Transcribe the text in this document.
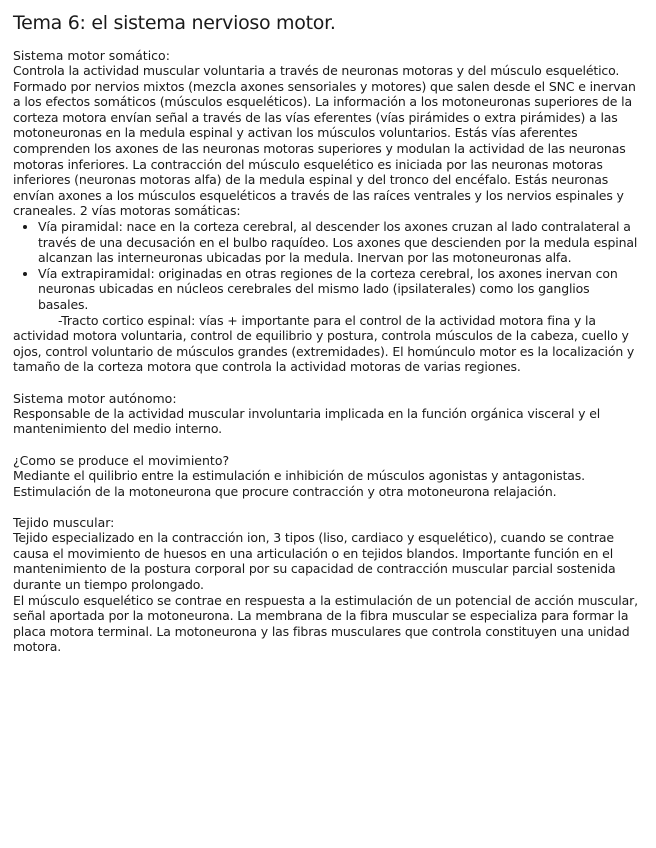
Tema 6: el sistema nervioso motor.
Sistema motor somático:

Controla la actividad muscular voluntaria a través de neuronas motoras y del músculo esquelético. Formado por nervios mixtos (mezcla axones sensoriales y motores) que salen desde el SNC e inervan a los efectos somáticos (músculos esqueléticos). La información a los motoneuronas superiores de la corteza motora envían señal a través de las vías eferentes (vías pirámides o extra pirámides) a las motoneuronas en la medula espinal y activan los músculos voluntarios. Estás vías aferentes comprenden los axones de las neuronas motoras superiores y modulan la actividad de las neuronas motoras inferiores. La contracción del músculo esquelético es iniciada por las neuronas motoras inferiores (neuronas motoras alfa) de la medula espinal y del tronco del encéfalo. Estás neuronas envían axones a los músculos esqueléticos a través de las raíces ventrales y los nervios espinales y craneales. 2 vías motoras somáticas:

• Vía piramidal: nace en la corteza cerebral, al descender los axones cruzan al lado contralateral a través de una decusación en el bulbo raquídeo. Los axones que descienden por la medula espinal alcanzan las interneuronas ubicadas por la medula. Inervan por las motoneuronas alfa.
• Vía extrapiramidal: originadas en otras regiones de la corteza cerebral, los axones inervan con neuronas ubicadas en núcleos cerebrales del mismo lado (ipsilaterales) como los ganglios basales.

-Tracto cortico espinal: vías + importante para el control de la actividad motora fina y la actividad motora voluntaria, control de equilibrio y postura, controla músculos de la cabeza, cuello y ojos, control voluntario de músculos grandes (extremidades). El homúnculo motor es la localización y tamaño de la corteza motora que controla la actividad motoras de varias regiones.

Sistema motor autónomo:

Responsable de la actividad muscular involuntaria implicada en la función orgánica visceral y el mantenimiento del medio interno.

¿Como se produce el movimiento?

Mediante el quilibrio entre la estimulación e inhibición de músculos agonistas y antagonistas. Estimulación de la motoneurona que procure contracción y otra motoneurona relajación.

Tejido muscular:

Tejido especializado en la contracción ion, 3 tipos (liso, cardiaco y esquelético), cuando se contrae causa el movimiento de huesos en una articulación o en tejidos blandos. Importante función en el mantenimiento de la postura corporal por su capacidad de contracción muscular parcial sostenida durante un tiempo prolongado.

El músculo esquelético se contrae en respuesta a la estimulación de un potencial de acción muscular, señal aportada por la motoneurona. La membrana de la fibra muscular se especializa para formar la placa motora terminal. La motoneurona y las fibras musculares que controla constituyen una unidad motora.
